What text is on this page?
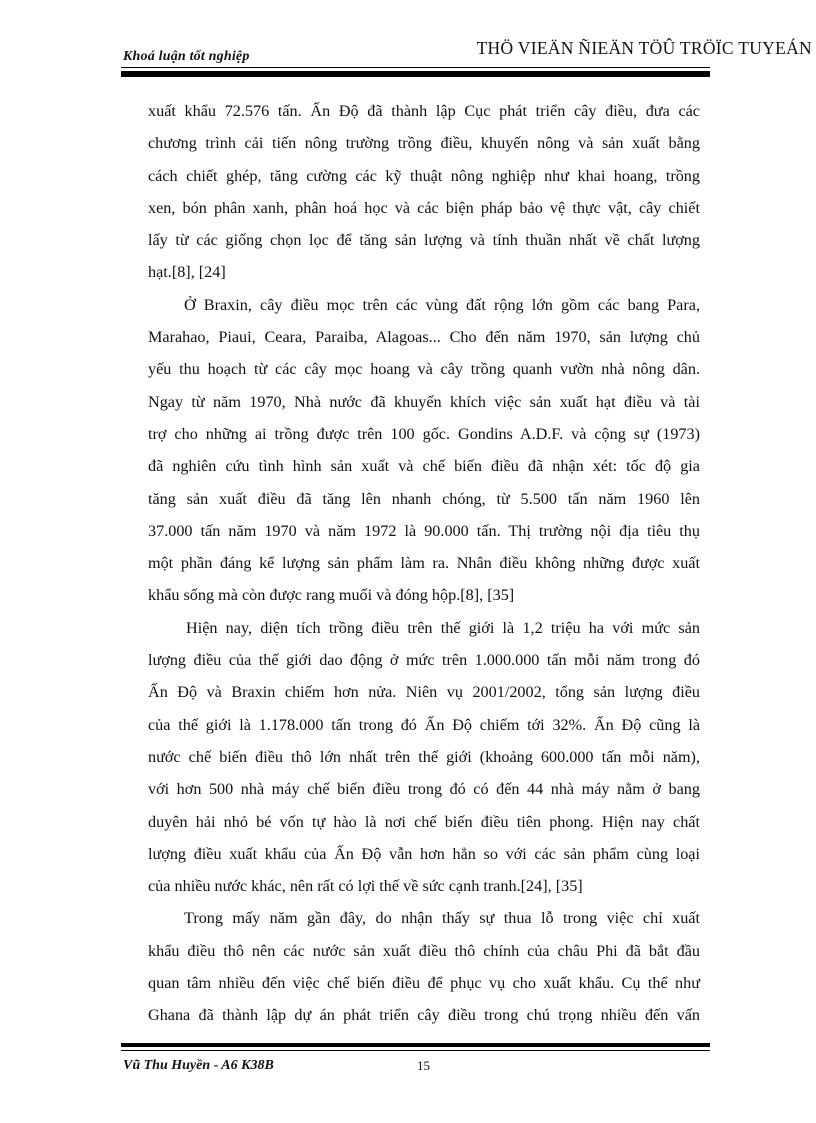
Khoá luận tốt nghiệp	THÖ VIEÄN ÑIEÄN TÖÛ TRÖÏC TUYEÁN
xuất khẩu 72.576 tấn. Ấn Độ đã thành lập Cục phát triển cây điều, đưa các
chương trình cải tiến nông trường trồng điều, khuyến nông và sản xuất bằng
cách chiết ghép, tăng cường các kỹ thuật nông nghiệp như khai hoang, trồng
xen, bón phân xanh, phân hoá học và các biện pháp bảo vệ thực vật, cây chiết
lấy từ các giống chọn lọc để tăng sản lượng và tính thuần nhất về chất lượng
hạt.[8], [24]
Ở Braxin, cây điều mọc trên các vùng đất rộng lớn gồm các bang Para,
Marahao, Piaui, Ceara, Paraiba, Alagoas... Cho đến năm 1970, sản lượng chủ
yếu thu hoạch từ các cây mọc hoang và cây trồng quanh vườn nhà nông dân.
Ngay từ năm 1970, Nhà nước đã khuyến khích việc sản xuất hạt điều và tài
trợ cho những ai trồng được trên 100 gốc. Gondins A.D.F. và cộng sự (1973)
đã nghiên cứu tình hình sản xuất và chế biến điều đã nhận xét: tốc độ gia
tăng sản xuất điều đã tăng lên nhanh chóng, từ 5.500 tấn năm 1960 lên
37.000 tấn năm 1970 và năm 1972 là 90.000 tấn. Thị trường nội địa tiêu thụ
một phần đáng kể lượng sản phẩm làm ra. Nhân điều không những được xuất
khẩu sống mà còn được rang muối và đóng hộp.[8], [35]
Hiện nay, diện tích trồng điều trên thế giới là 1,2 triệu ha với mức sản
lượng điều của thế giới dao động ở mức trên 1.000.000 tấn mỗi năm trong đó
Ấn Độ và Braxin chiếm hơn nửa. Niên vụ 2001/2002, tổng sản lượng điều
của thế giới là 1.178.000 tấn trong đó Ấn Độ chiếm tới 32%. Ấn Độ cũng là
nước chế biến điều thô lớn nhất trên thế giới (khoảng 600.000 tấn mỗi năm),
với hơn 500 nhà máy chế biến điều trong đó có đến 44 nhà máy nằm ở bang
duyên hải nhỏ bé vốn tự hào là nơi chế biến điều tiên phong. Hiện nay chất
lượng điều xuất khẩu của Ấn Độ vẫn hơn hẳn so với các sản phẩm cùng loại
của nhiều nước khác, nên rất có lợi thế về sức cạnh tranh.[24], [35]
Trong mấy năm gần đây, do nhận thấy sự thua lỗ trong việc chỉ xuất
khẩu điều thô nên các nước sản xuất điều thô chính của châu Phi đã bắt đầu
quan tâm nhiều đến việc chế biến điều để phục vụ cho xuất khẩu. Cụ thể như
Ghana đã thành lập dự án phát triển cây điều trong chú trọng nhiều đến vấn
Vũ Thu Huyền - A6 K38B	15
